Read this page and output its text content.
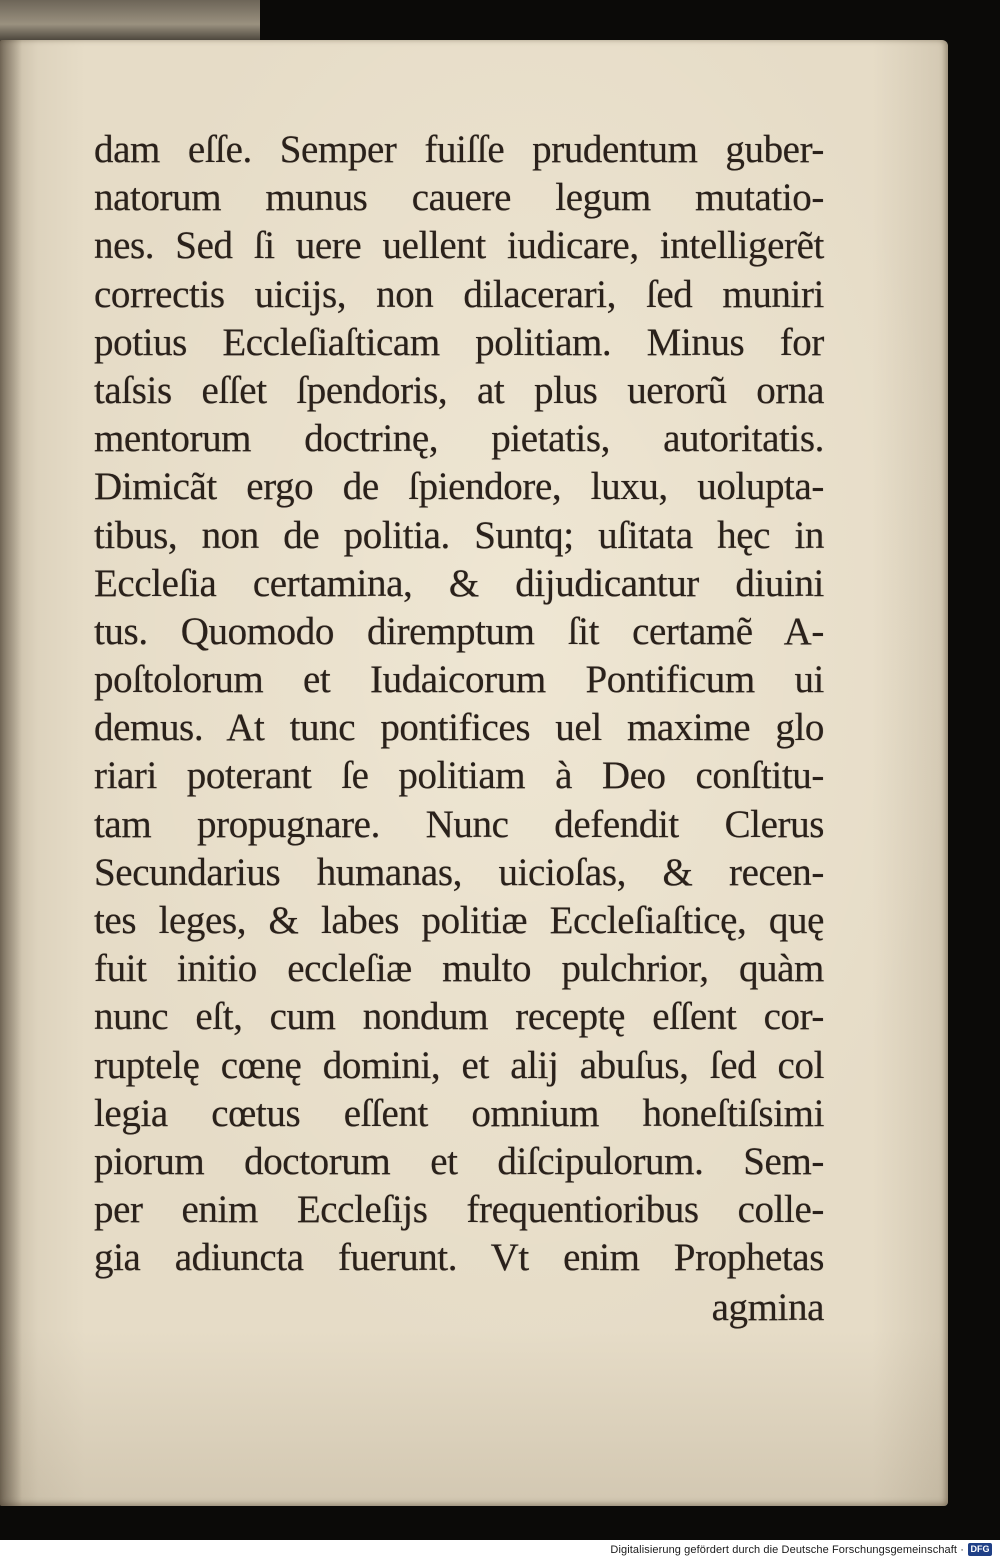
dam eſſe. Semper fuiſſe prudentum guber-
natorum munus cauere legum mutatio-
nes. Sed ſi uere uellent iudicare, intelligerẽt
correctis uicijs, non dilacerari, ſed muniri
potius Eccleſiaſticam politiam. Minus for
taſsis eſſet ſpendoris, at plus uerorũ orna
mentorum doctrinę, pietatis, autoritatis.
Dimicãt ergo de ſpiendore, luxu, uolupta-
tibus, non de politia. Suntq; uſitata hęc in
Eccleſia certamina, & dijudicantur diuini
tus. Quomodo diremptum ſit certamẽ A-
poſtolorum et Iudaicorum Pontificum ui
demus. At tunc pontifices uel maxime glo
riari poterant ſe politiam à Deo conſtitu-
tam propugnare. Nunc defendit Clerus
Secundarius humanas, uicioſas, & recen-
tes leges, & labes politiæ Eccleſiaſticę, quę
fuit initio eccleſiæ multo pulchrior, quàm
nunc eſt, cum nondum receptę eſſent cor-
ruptelę cœnę domini, et alij abuſus, ſed col
legia cœtus eſſent omnium honeſtiſsimi
piorum doctorum et diſcipulorum. Sem-
per enim Eccleſijs frequentioribus colle-
gia adiuncta fuerunt. Vt enim Prophetas
agmina
Digitalisierung gefördert durch die Deutsche Forschungsgemeinschaft · DFG
